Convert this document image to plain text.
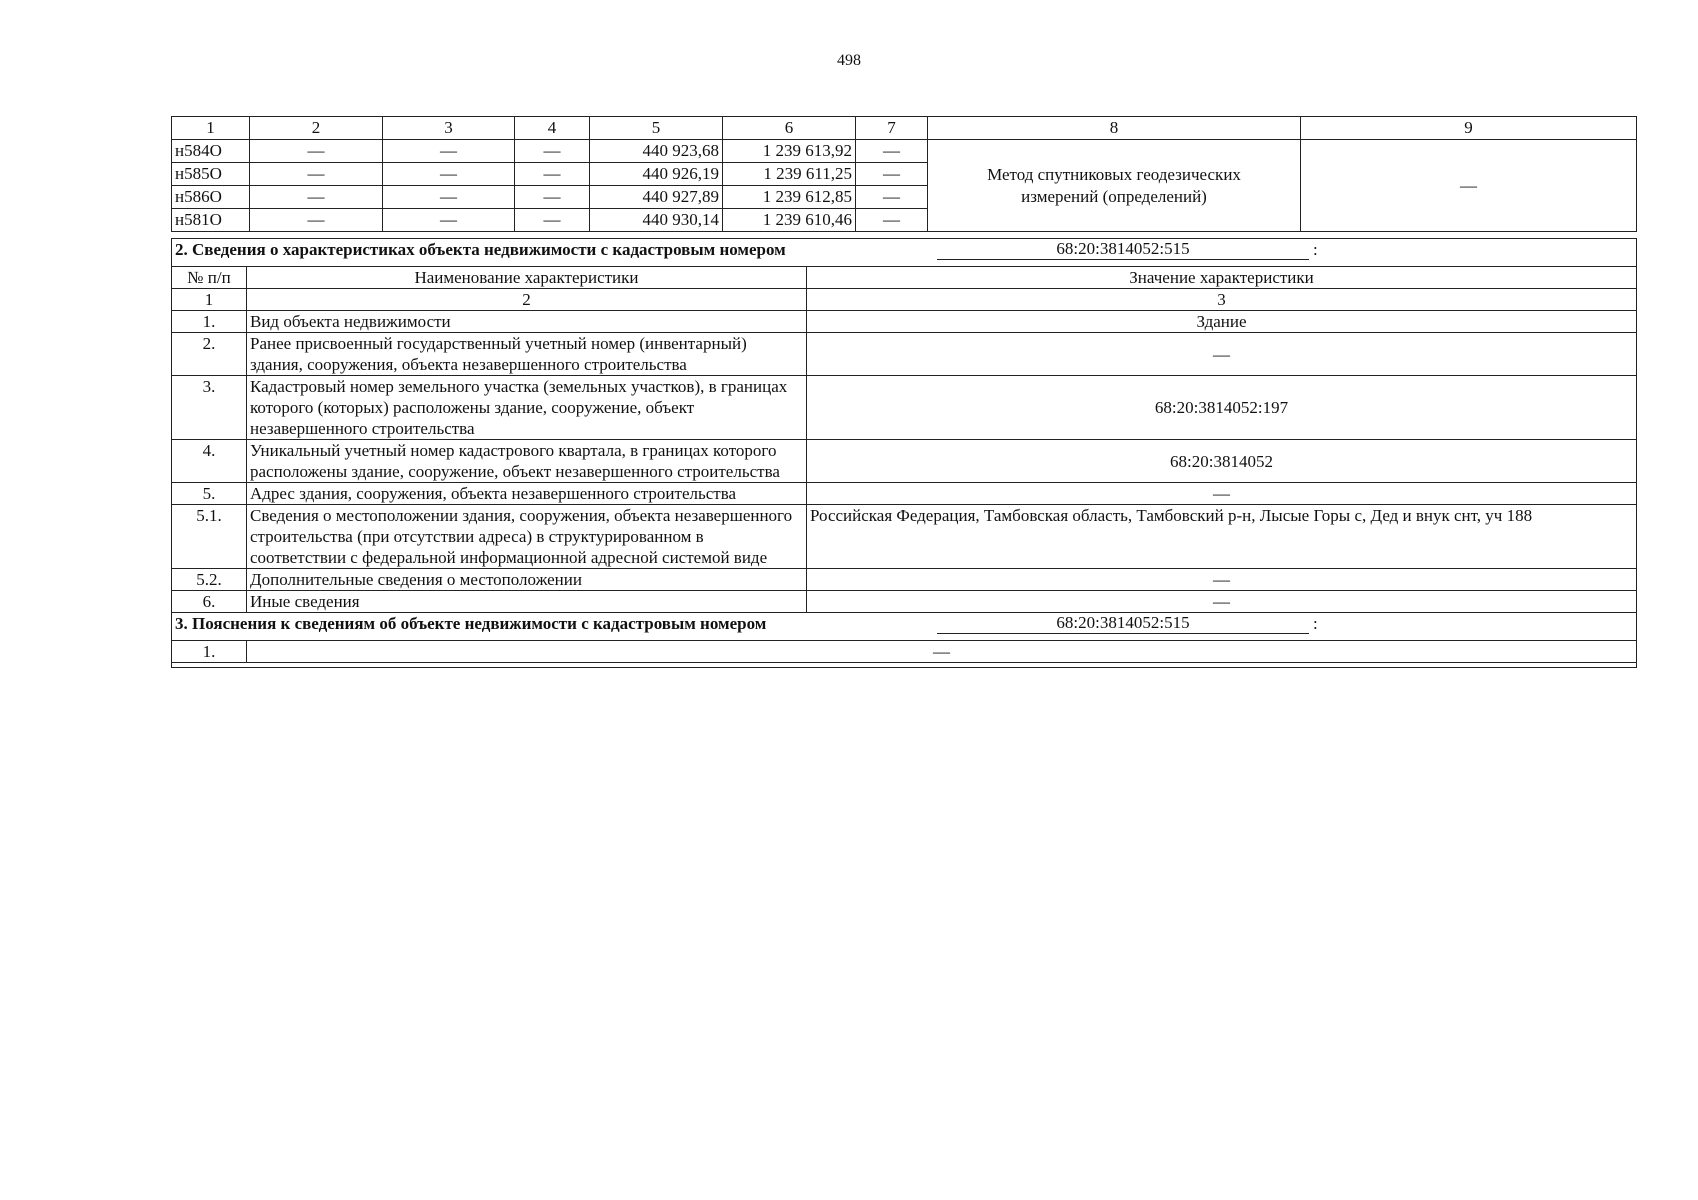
498
1	2	3	4	5	6	7	8	9
н584О	—	—	—	440 923,68	1 239 613,92	—	Метод спутниковых геодезических измерений (определений)	—
н585О	—	—	—	440 926,19	1 239 611,25	—		
н586О	—	—	—	440 927,89	1 239 612,85	—		
н581О	—	—	—	440 930,14	1 239 610,46	—		
2. Сведения о характеристиках объекта недвижимости с кадастровым номером 68:20:3814052:515 :		

№ п/п	Наименование характеристики	Значение характеристики
1	2	3
1.	Вид объекта недвижимости	Здание
2.	Ранее присвоенный государственный учетный номер (инвентарный) здания, сооружения, объекта незавершенного строительства	—
3.	Кадастровый номер земельного участка (земельных участков), в границах которого (которых) расположены здание, сооружение, объект незавершенного строительства	68:20:3814052:197
4.	Уникальный учетный номер кадастрового квартала, в границах которого расположены здание, сооружение, объект незавершенного строительства	68:20:3814052
5.	Адрес здания, сооружения, объекта незавершенного строительства	—
5.1.	Сведения о местоположении здания, сооружения, объекта незавершенного строительства (при отсутствии адреса) в структурированном в соответствии с федеральной информационной адресной системой виде	Российская Федерация, Тамбовская область, Тамбовский р-н, Лысые Горы с, Дед и внук снт, уч 188
5.2.	Дополнительные сведения о местоположении	—
6.	Иные сведения	—

3. Пояснения к сведениям об объекте недвижимости с кадастровым номером 68:20:3814052:515 :		

1.	—	
